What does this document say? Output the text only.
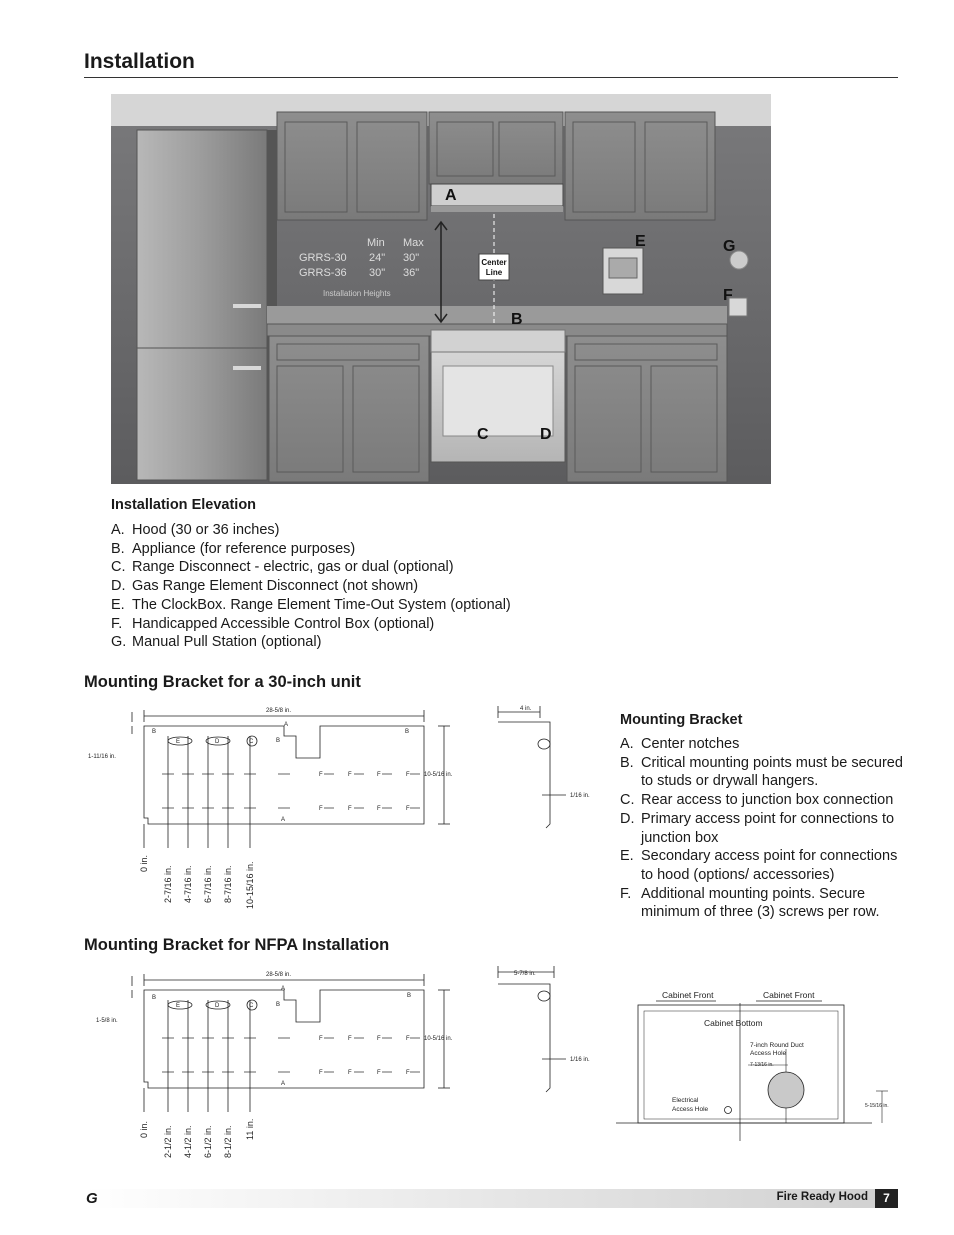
Installation
Min Max
GRRS-30 24" 30"
GRRS-36 30" 36"
Installation Heights
Center
Line
A
B
C	D
E
F
G
Installation Elevation
A. Hood (30 or 36 inches)
B. Appliance (for reference purposes)
C. Range Disconnect - electric, gas or dual (optional)
D. Gas Range Element Disconnect (not shown)
E. The ClockBox. Range Element Time-Out System (optional)
F. Handicapped Accessible Control Box (optional)
G. Manual Pull Station (optional)
Mounting Bracket for a 30-inch unit
28-5/8 in.
10-5/16 in.
1-11/16 in.
4 in.
1/16 in.
B
A
B
B
E	D	C
F	F	F	F
F	F	F	F
A
0 in.
2-7/16 in. 4-7/16 in. 6-7/16 in. 8-7/16 in. 10-15/16 in.
Mounting Bracket for NFPA Installation
28-5/8 in.
10-5/16 in.
1-5/8 in.
5-7/8 in.
1/16 in.
B
A
B
B
E	D	C
F	F	F	F
F	F	F	F
A
0 in. 2-1/2 in. 4-1/2 in. 6-1/2 in. 8-1/2 in. 11 in.
Mounting Bracket
A. Center notches
B. Critical mounting points must be secured to studs or drywall hangers.
C. Rear access to junction box connection
D. Primary access point for connections to junction box
E. Secondary access point for connections to hood (options/ accessories)
F. Additional mounting points. Secure minimum of three (3) screws per row.
Cabinet Front	Cabinet Front
Cabinet Bottom
7-inch Round Duct
Access Hole
Electrical
Access Hole
7-13/16 in.
5-15/16 in.
G	Fire Ready Hood	7
